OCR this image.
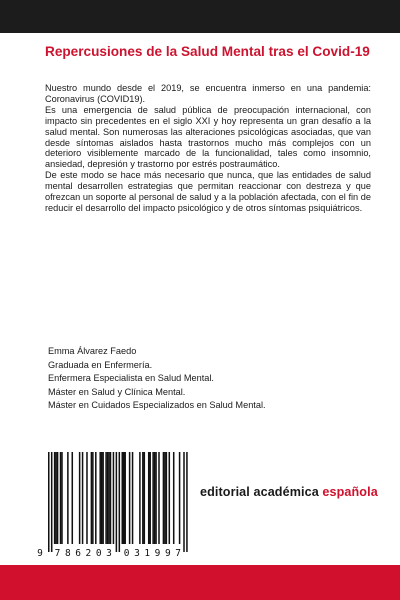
Repercusiones de la Salud Mental tras el Covid-19

Nuestro mundo desde el 2019, se encuentra inmerso en una pandemia: Coronavirus (COVID19).

Es una emergencia de salud pública de preocupación internacional, con impacto sin precedentes en el siglo XXI y hoy representa un gran desafío a la salud mental. Son numerosas las alteraciones psicológicas asociadas, que van desde síntomas aislados hasta trastornos mucho más complejos con un deterioro visiblemente marcado de la funcionalidad, tales como insomnio, ansiedad, depresión y trastorno por estrés postraumático.

De este modo se hace más necesario que nunca, que las entidades de salud mental desarrollen estrategias que permitan reaccionar con destreza y que ofrezcan un soporte al personal de salud y a la población afectada, con el fin de reducir el desarrollo del impacto psicológico y de otros síntomas psiquiátricos.

Emma Álvarez Faedo
Graduada en Enfermería.
Enfermera Especialista en Salud Mental.
Máster en Salud y Clínica Mental.
Máster en Cuidados Especializados en Salud Mental.
9 7 8 6 2 0 3 0 3 1 9 9 7
editorial académica española
